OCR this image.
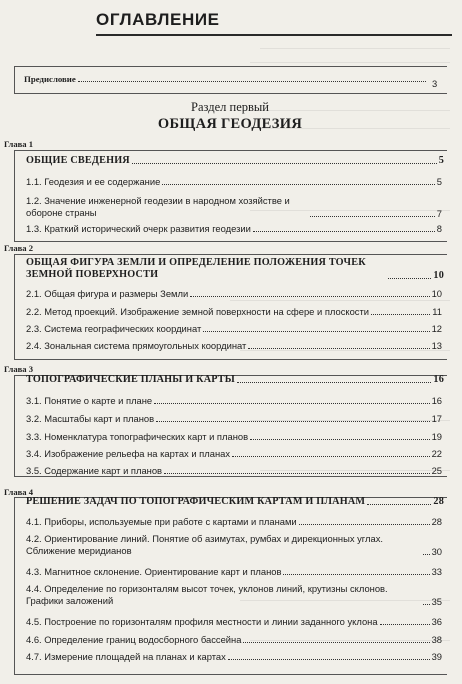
ОГЛАВЛЕНИЕ
Предисловие	3
Раздел первый
ОБЩАЯ ГЕОДЕЗИЯ
Глава 1
ОБЩИЕ СВЕДЕНИЯ	5
1.1. Геодезия и ее содержание	5
1.2. Значение инженерной геодезии в народном хозяйстве и обороне страны	7
1.3. Краткий исторический очерк развития геодезии	8
Глава 2
ОБЩАЯ ФИГУРА ЗЕМЛИ И ОПРЕДЕЛЕНИЕ ПОЛОЖЕНИЯ ТОЧЕК ЗЕМНОЙ ПОВЕРХНОСТИ	10
2.1. Общая фигура и размеры Земли	10
2.2. Метод проекций. Изображение земной поверхности на сфере и плоскости	11
2.3. Система географических координат	12
2.4. Зональная система прямоугольных координат	13
Глава 3
ТОПОГРАФИЧЕСКИЕ ПЛАНЫ И КАРТЫ	16
3.1. Понятие о карте и плане	16
3.2. Масштабы карт и планов	17
3.3. Номенклатура топографических карт и планов	19
3.4. Изображение рельефа на картах и планах	22
3.5. Содержание карт и планов	25
Глава 4
РЕШЕНИЕ ЗАДАЧ ПО ТОПОГРАФИЧЕСКИМ КАРТАМ И ПЛАНАМ	28
4.1. Приборы, используемые при работе с картами и планами	28
4.2. Ориентирование линий. Понятие об азимутах, румбах и дирекционных углах. Сближение меридианов	30
4.3. Магнитное склонение. Ориентирование карт и планов	33
4.4. Определение по горизонталям высот точек, уклонов линий, крутизны склонов. Графики заложений	35
4.5. Построение по горизонталям профиля местности и линии заданного уклона	36
4.6. Определение границ водосборного бассейна	38
4.7. Измерение площадей на планах и картах	39
